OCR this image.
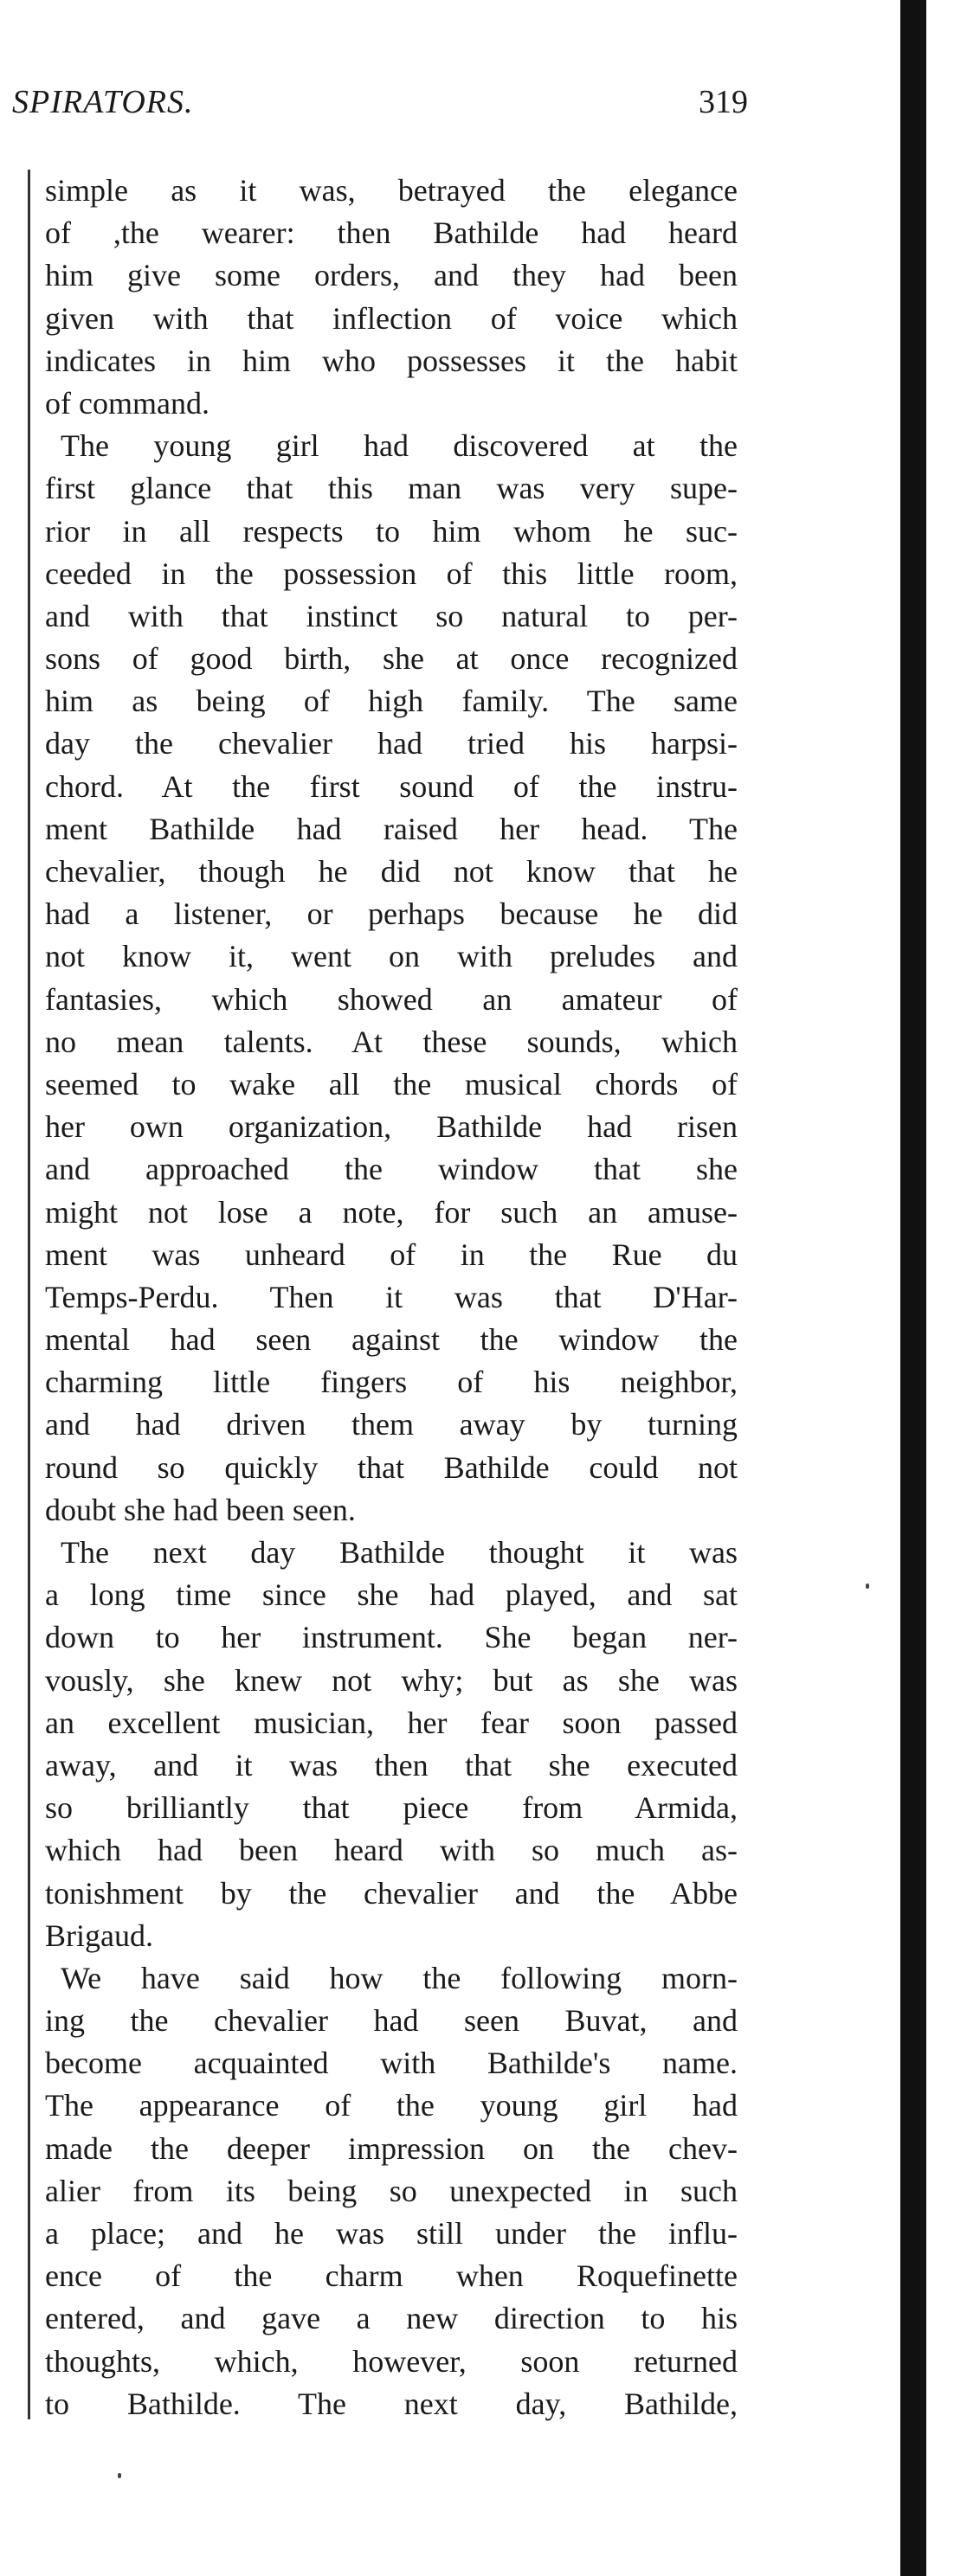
SPIRATORS.	319
simple as it was, betrayed the elegance
of ,the wearer: then Bathilde had heard
him give some orders, and they had been
given with that inflection of voice which
indicates in him who possesses it the habit
of command.
 The young girl had discovered at the
first glance that this man was very supe-
rior in all respects to him whom he suc-
ceeded in the possession of this little room,
and with that instinct so natural to per-
sons of good birth, she at once recognized
him as being of high family. The same
day the chevalier had tried his harpsi-
chord. At the first sound of the instru-
ment Bathilde had raised her head. The
chevalier, though he did not know that he
had a listener, or perhaps because he did
not know it, went on with preludes and
fantasies, which showed an amateur of
no mean talents. At these sounds, which
seemed to wake all the musical chords of
her own organization, Bathilde had risen
and approached the window that she
might not lose a note, for such an amuse-
ment was unheard of in the Rue du
Temps-Perdu. Then it was that D'Har-
mental had seen against the window the
charming little fingers of his neighbor,
and had driven them away by turning
round so quickly that Bathilde could not
doubt she had been seen.
 The next day Bathilde thought it was
a long time since she had played, and sat
down to her instrument. She began ner-
vously, she knew not why; but as she was
an excellent musician, her fear soon passed
away, and it was then that she executed
so brilliantly that piece from Armida,
which had been heard with so much as-
tonishment by the chevalier and the Abbe
Brigaud.
 We have said how the following morn-
ing the chevalier had seen Buvat, and
become acquainted with Bathilde's name.
The appearance of the young girl had
made the deeper impression on the chev-
alier from its being so unexpected in such
a place; and he was still under the influ-
ence of the charm when Roquefinette
entered, and gave a new direction to his
thoughts, which, however, soon returned
to Bathilde. The next day, Bathilde,
